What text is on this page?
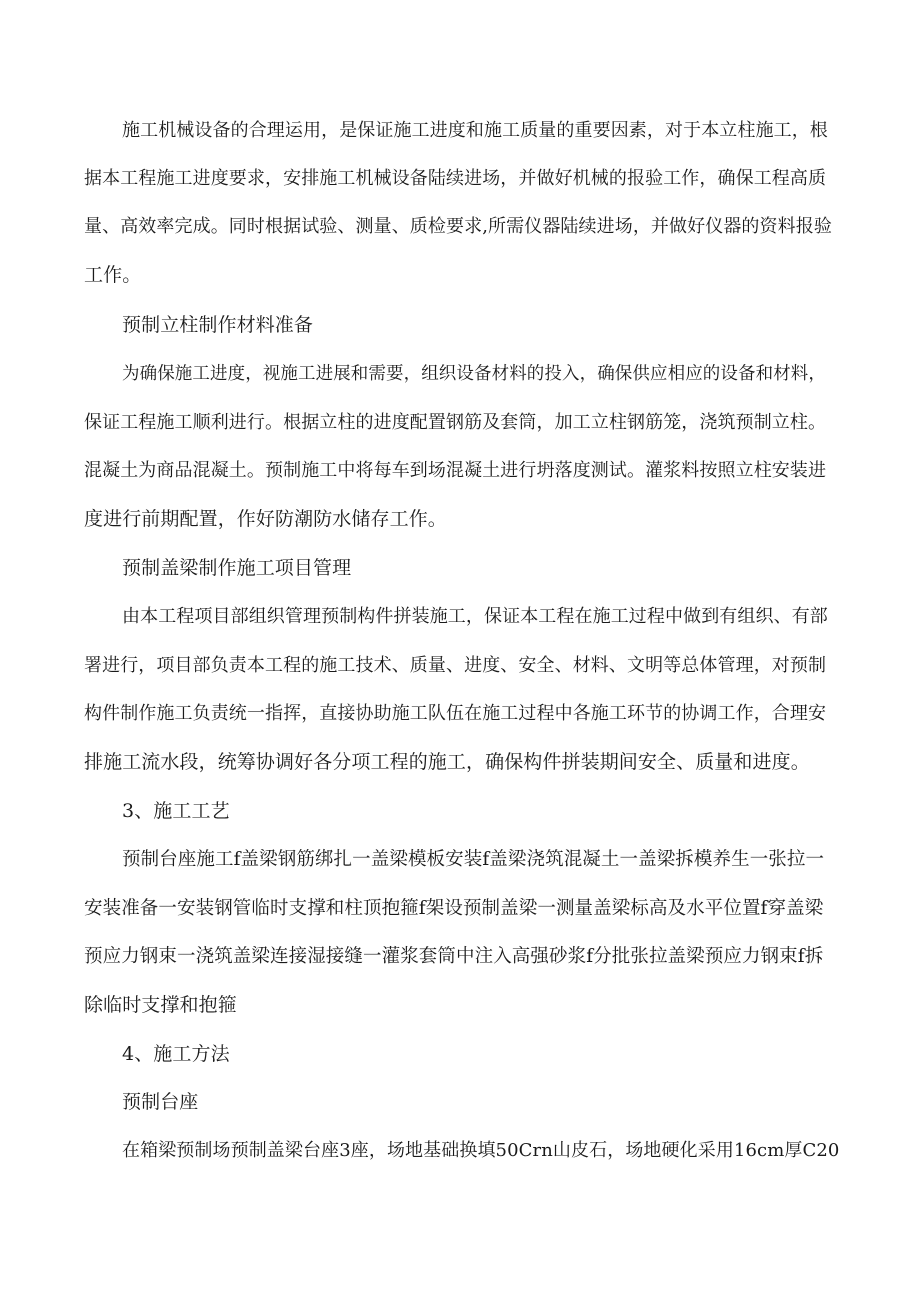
施工机械设备的合理运用，是保证施工进度和施工质量的重要因素，对于本立柱施工，根
据本工程施工进度要求，安排施工机械设备陆续进场，并做好机械的报验工作，确保工程高质
量、高效率完成。同时根据试验、测量、质检要求,所需仪器陆续进场，并做好仪器的资料报验
工作。
预制立柱制作材料准备
为确保施工进度，视施工进展和需要，组织设备材料的投入，确保供应相应的设备和材料，
保证工程施工顺利进行。根据立柱的进度配置钢筋及套筒，加工立柱钢筋笼，浇筑预制立柱。
混凝土为商品混凝土。预制施工中将每车到场混凝土进行坍落度测试。灌浆料按照立柱安装进
度进行前期配置，作好防潮防水储存工作。
预制盖梁制作施工项目管理
由本工程项目部组织管理预制构件拼装施工，保证本工程在施工过程中做到有组织、有部
署进行，项目部负责本工程的施工技术、质量、进度、安全、材料、文明等总体管理，对预制
构件制作施工负责统一指挥，直接协助施工队伍在施工过程中各施工环节的协调工作，合理安
排施工流水段，统筹协调好各分项工程的施工，确保构件拼装期间安全、质量和进度。
3、施工工艺
预制台座施工f盖梁钢筋绑扎一盖梁模板安装f盖梁浇筑混凝土一盖梁拆模养生一张拉一
安装准备一安装钢管临时支撑和柱顶抱箍f架设预制盖梁一测量盖梁标高及水平位置f穿盖梁
预应力钢束一浇筑盖梁连接湿接缝一灌浆套筒中注入高强砂浆f分批张拉盖梁预应力钢束f拆
除临时支撑和抱箍
4、施工方法
预制台座
在箱梁预制场预制盖梁台座3座，场地基础换填50Crn山皮石，场地硬化采用16cm厚C20
